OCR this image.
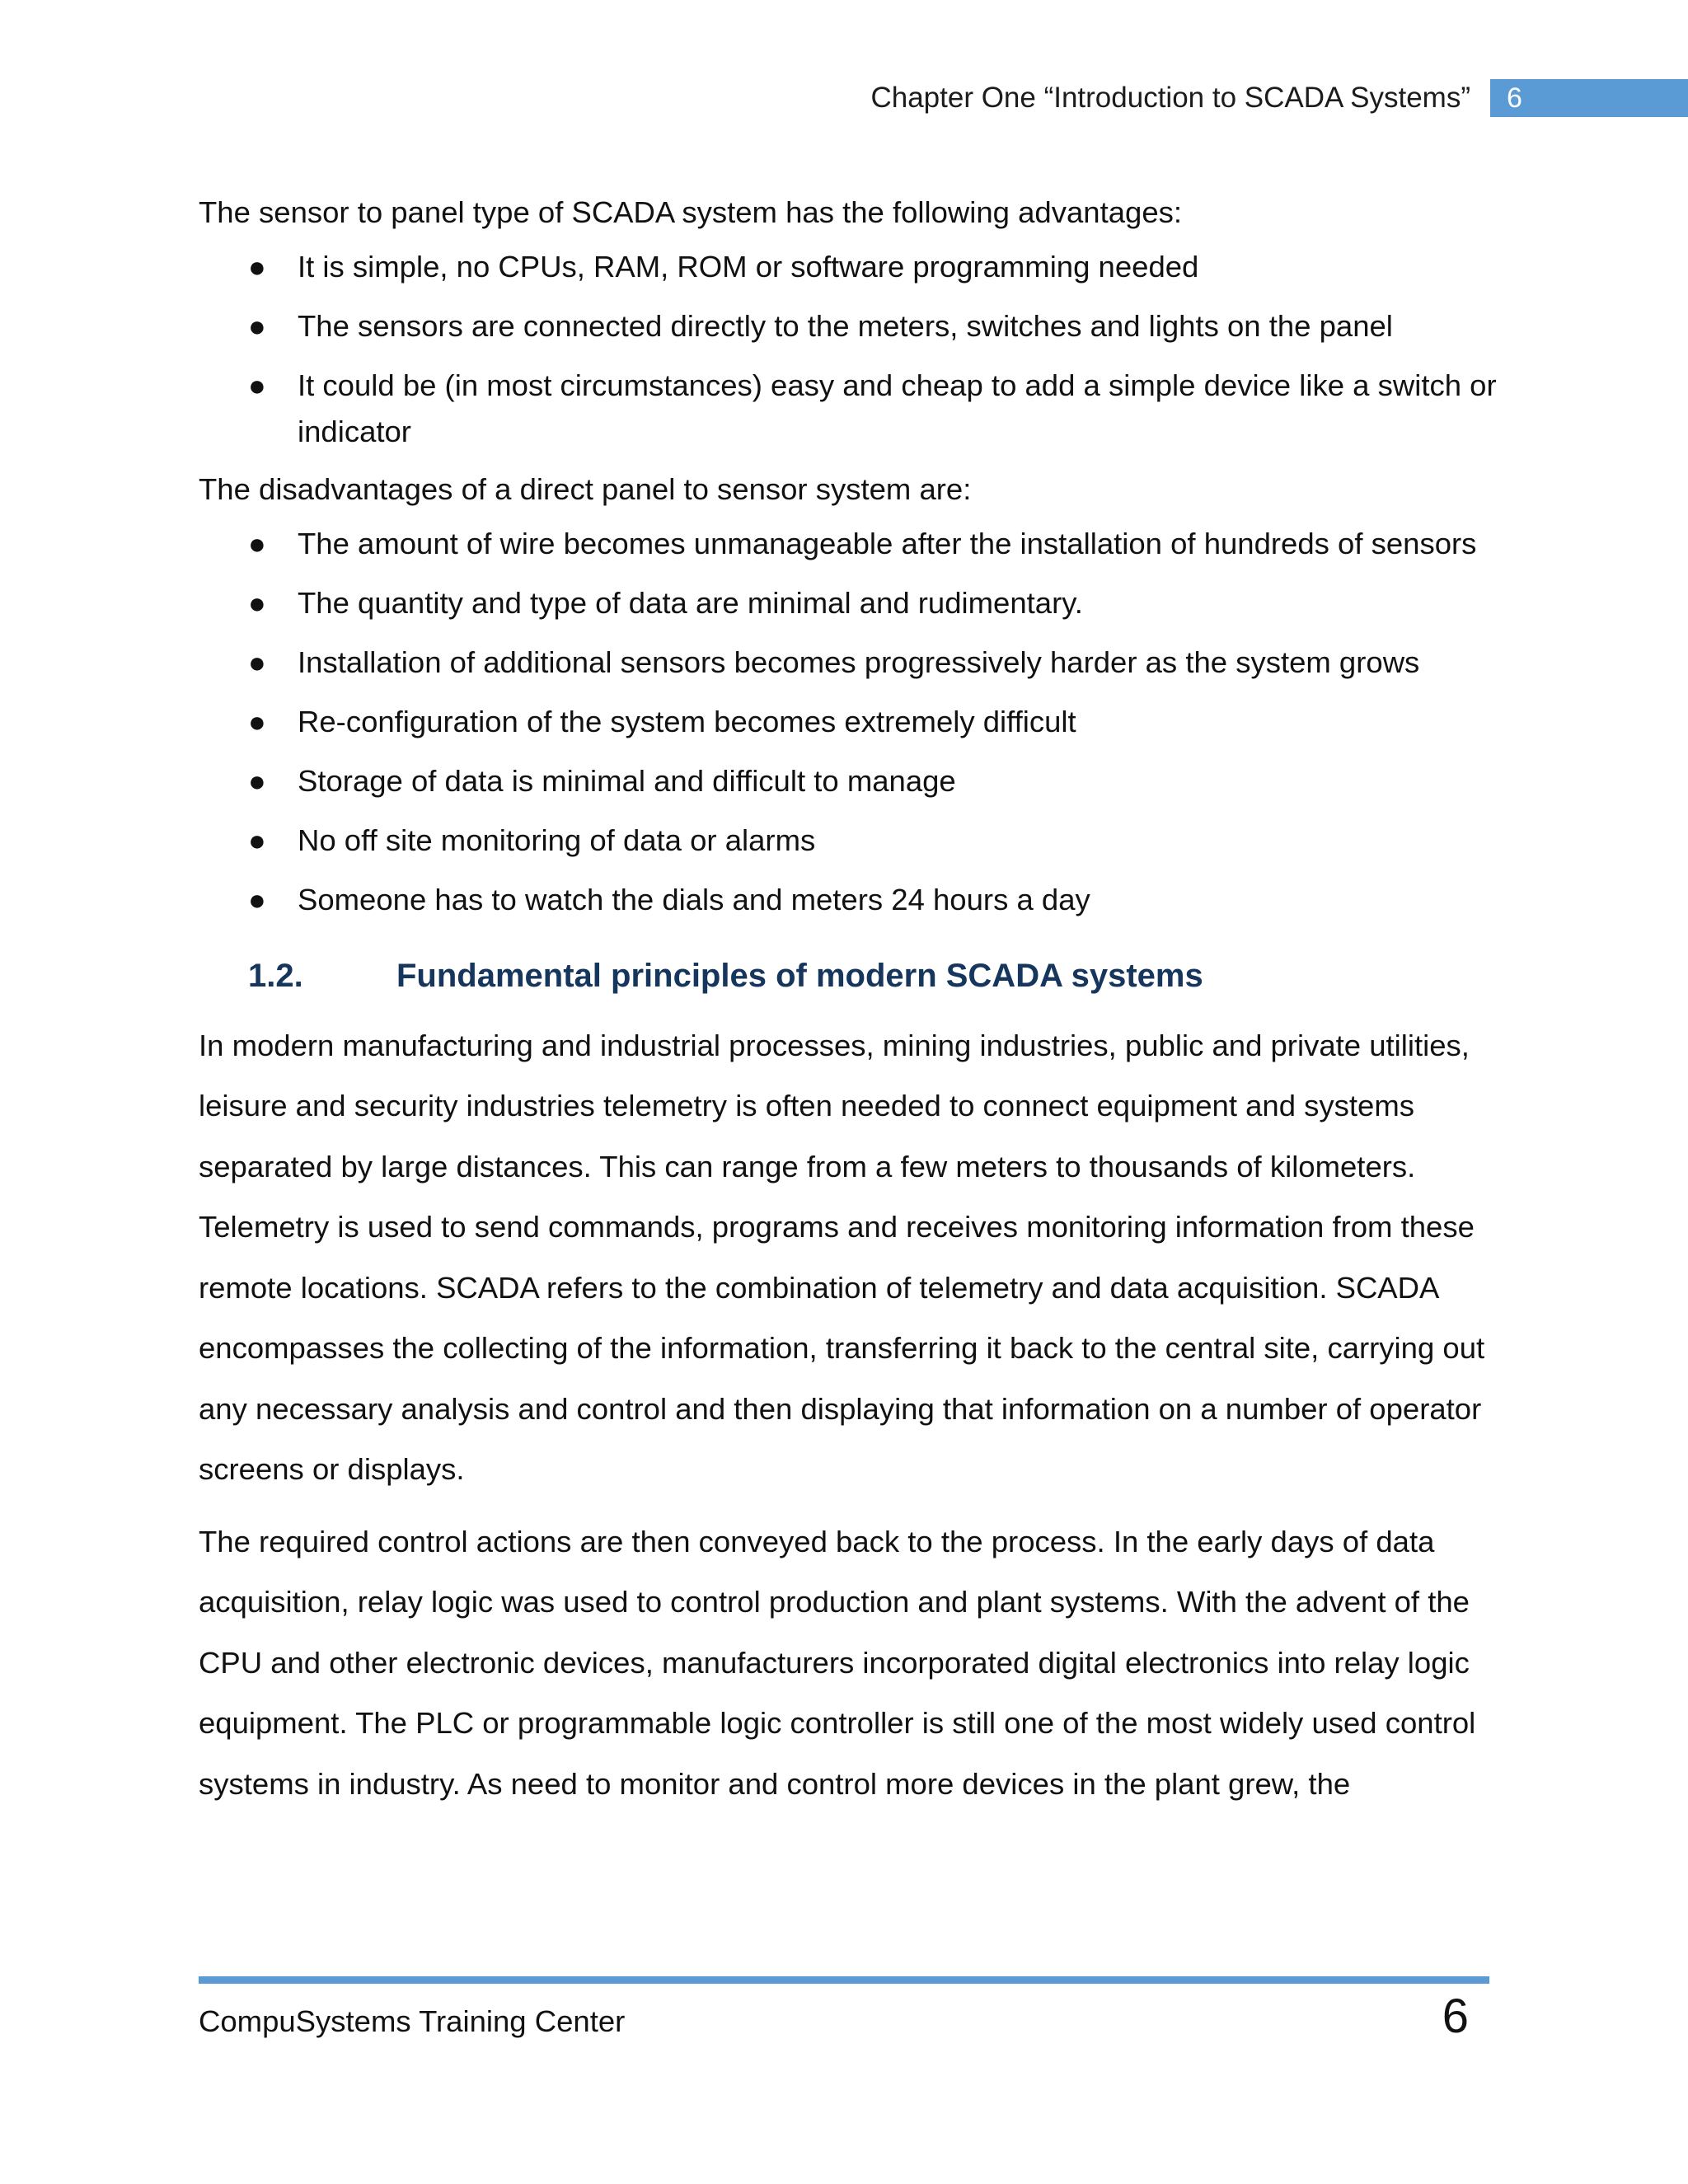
Chapter One “Introduction to SCADA Systems”	6

The sensor to panel type of SCADA system has the following advantages:

● It is simple, no CPUs, RAM, ROM or software programming needed
● The sensors are connected directly to the meters, switches and lights on the panel
● It could be (in most circumstances) easy and cheap to add a simple device like a switch or indicator

The disadvantages of a direct panel to sensor system are:

● The amount of wire becomes unmanageable after the installation of hundreds of sensors
● The quantity and type of data are minimal and rudimentary.
● Installation of additional sensors becomes progressively harder as the system grows
● Re-configuration of the system becomes extremely difficult
● Storage of data is minimal and difficult to manage
● No off site monitoring of data or alarms
● Someone has to watch the dials and meters 24 hours a day
1.2.	Fundamental principles of modern SCADA systems

In modern manufacturing and industrial processes, mining industries, public and private utilities, leisure and security industries telemetry is often needed to connect equipment and systems separated by large distances. This can range from a few meters to thousands of kilometers. Telemetry is used to send commands, programs and receives monitoring information from these remote locations. SCADA refers to the combination of telemetry and data acquisition. SCADA encompasses the collecting of the information, transferring it back to the central site, carrying out any necessary analysis and control and then displaying that information on a number of operator screens or displays.

The required control actions are then conveyed back to the process. In the early days of data acquisition, relay logic was used to control production and plant systems. With the advent of the CPU and other electronic devices, manufacturers incorporated digital electronics into relay logic equipment. The PLC or programmable logic controller is still one of the most widely used control systems in industry. As need to monitor and control more devices in the plant grew, the

CompuSystems Training Center	6
